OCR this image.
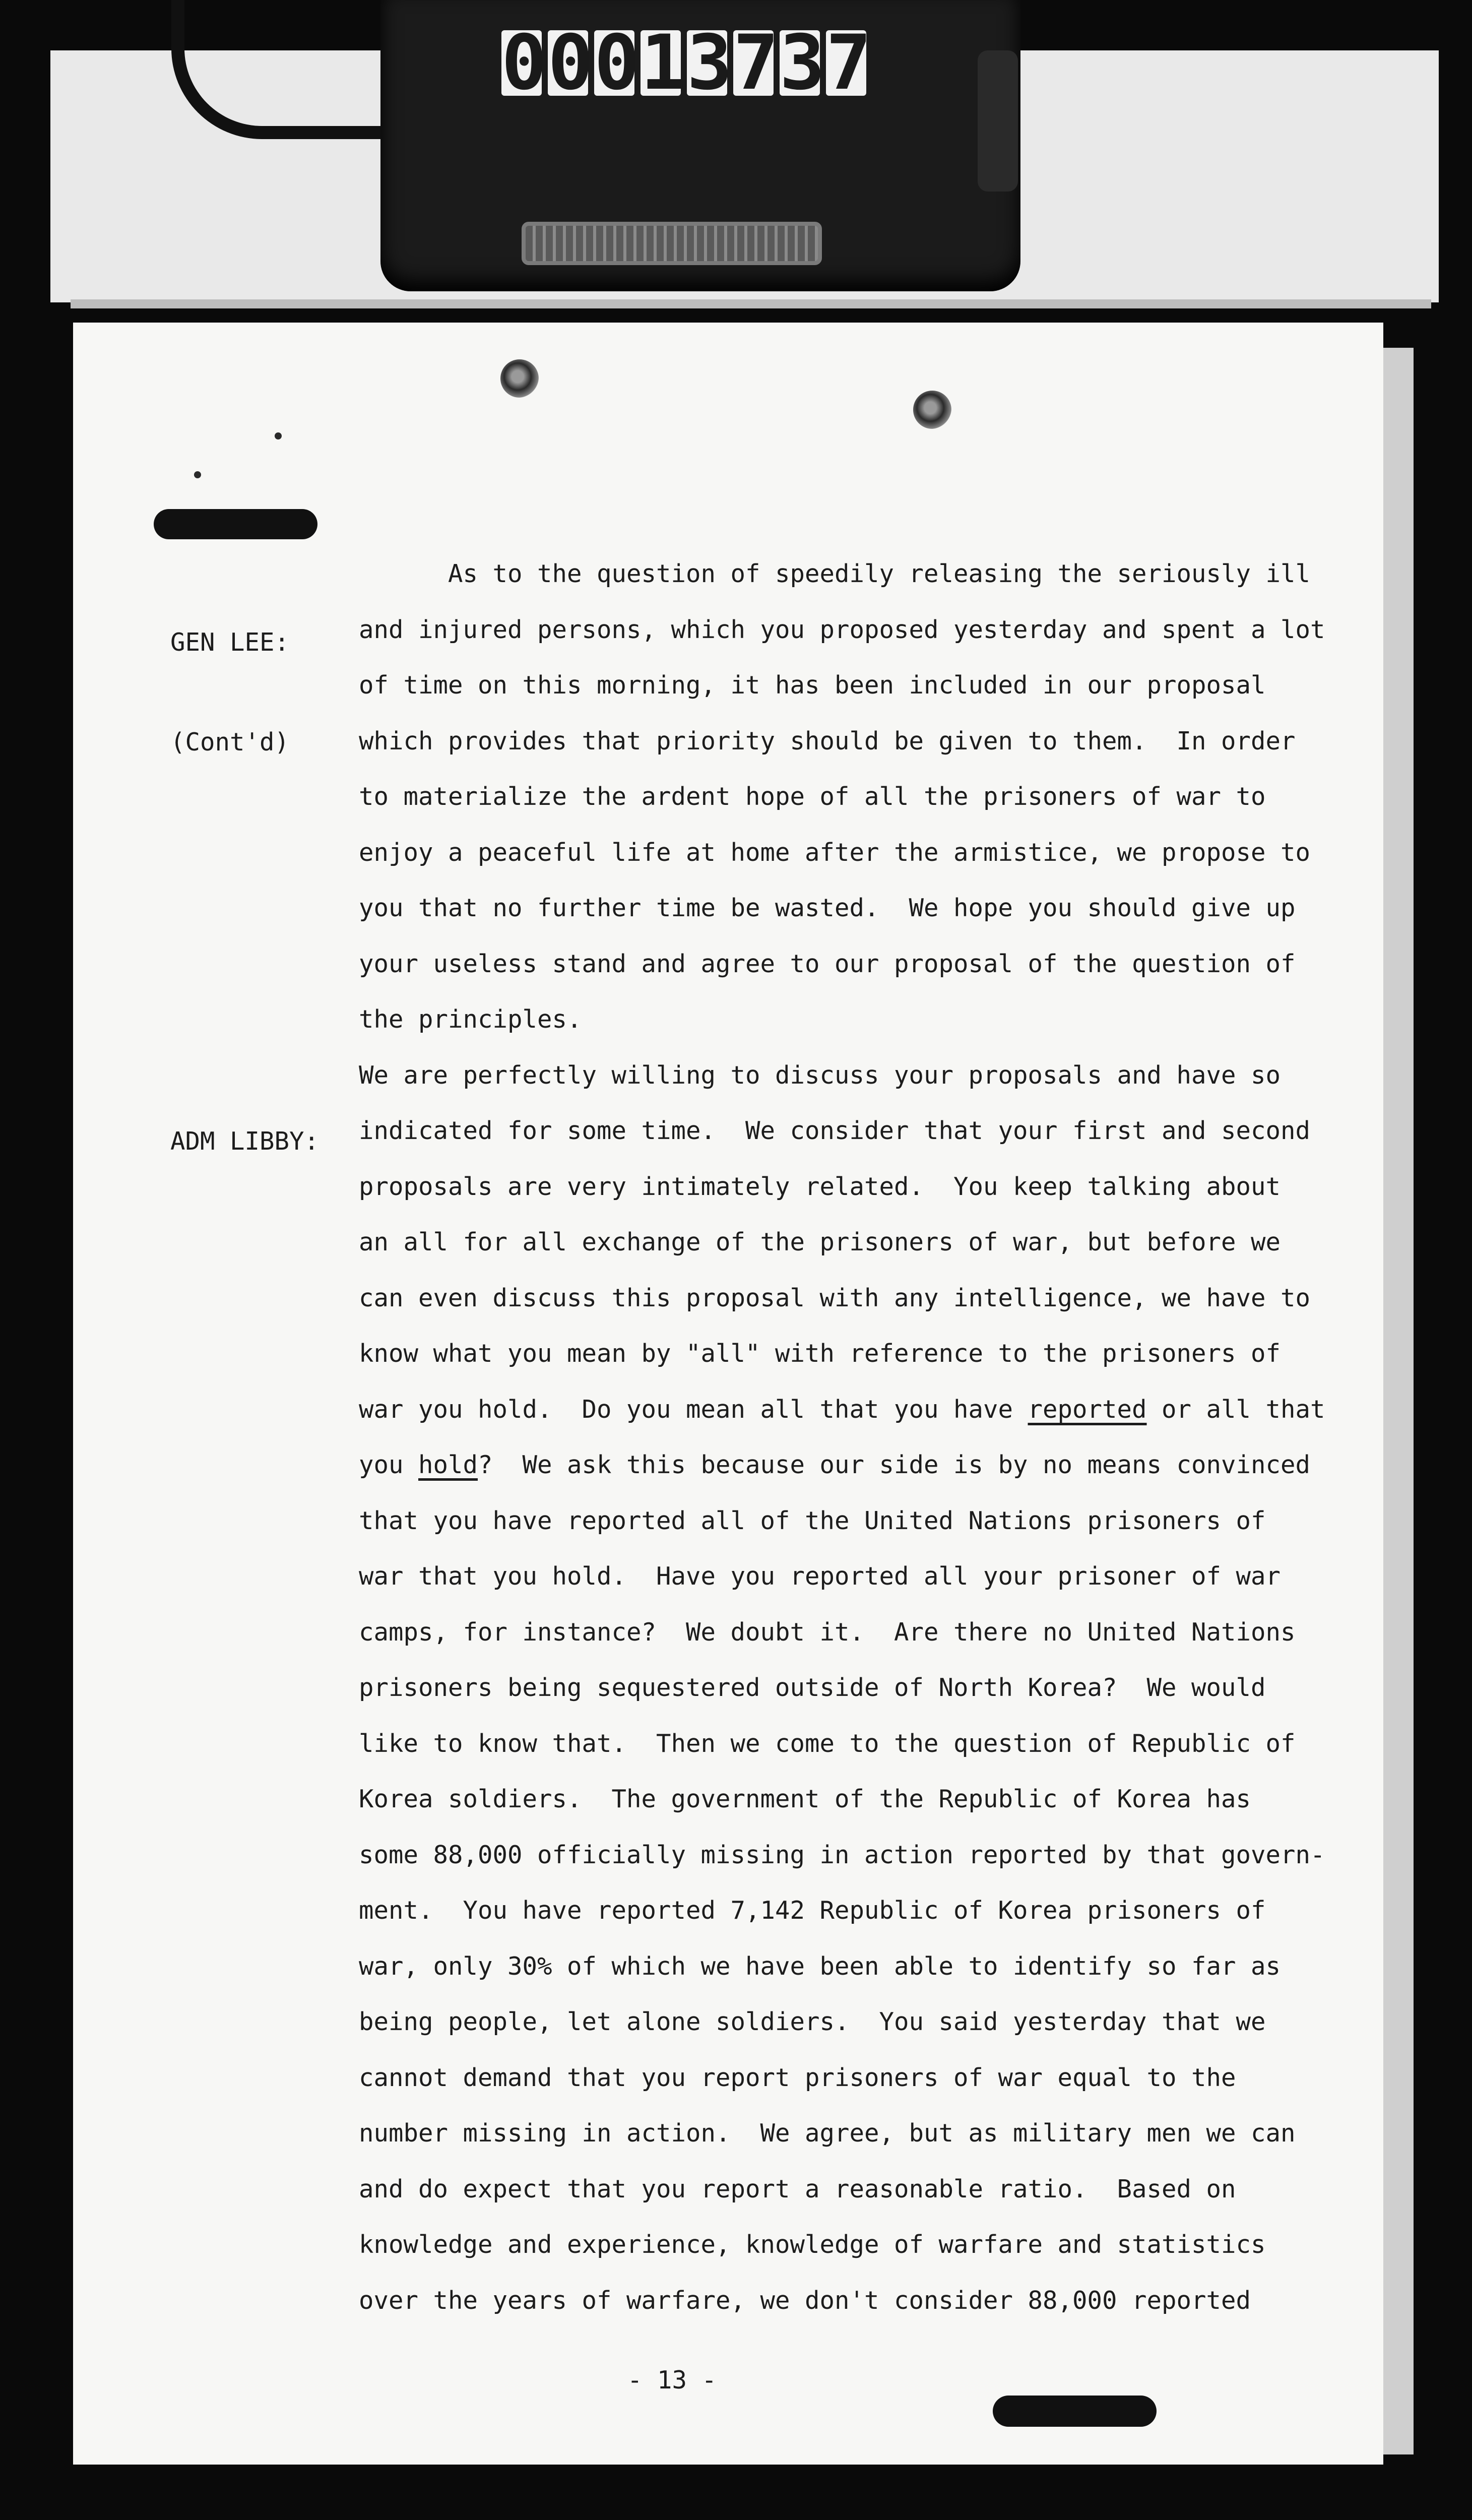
0 0 0 1 3 7 3 7

GEN LEE:

(Cont'd)

ADM LIBBY:

As to the question of speedily releasing the seriously ill
and injured persons, which you proposed yesterday and spent a lot
of time on this morning, it has been included in our proposal
which provides that priority should be given to them.  In order
to materialize the ardent hope of all the prisoners of war to
enjoy a peaceful life at home after the armistice, we propose to
you that no further time be wasted.  We hope you should give up
your useless stand and agree to our proposal of the question of
the principles.
We are perfectly willing to discuss your proposals and have so
indicated for some time.  We consider that your first and second
proposals are very intimately related.  You keep talking about
an all for all exchange of the prisoners of war, but before we
can even discuss this proposal with any intelligence, we have to
know what you mean by "all" with reference to the prisoners of
war you hold.  Do you mean all that you have reported or all that
you hold?  We ask this because our side is by no means convinced
that you have reported all of the United Nations prisoners of
war that you hold.  Have you reported all your prisoner of war
camps, for instance?  We doubt it.  Are there no United Nations
prisoners being sequestered outside of North Korea?  We would
like to know that.  Then we come to the question of Republic of
Korea soldiers.  The government of the Republic of Korea has
some 88,000 officially missing in action reported by that govern-
ment.  You have reported 7,142 Republic of Korea prisoners of
war, only 30% of which we have been able to identify so far as
being people, let alone soldiers.  You said yesterday that we
cannot demand that you report prisoners of war equal to the
number missing in action.  We agree, but as military men we can
and do expect that you report a reasonable ratio.  Based on
knowledge and experience, knowledge of warfare and statistics
over the years of warfare, we don't consider 88,000 reported
- 13 -
